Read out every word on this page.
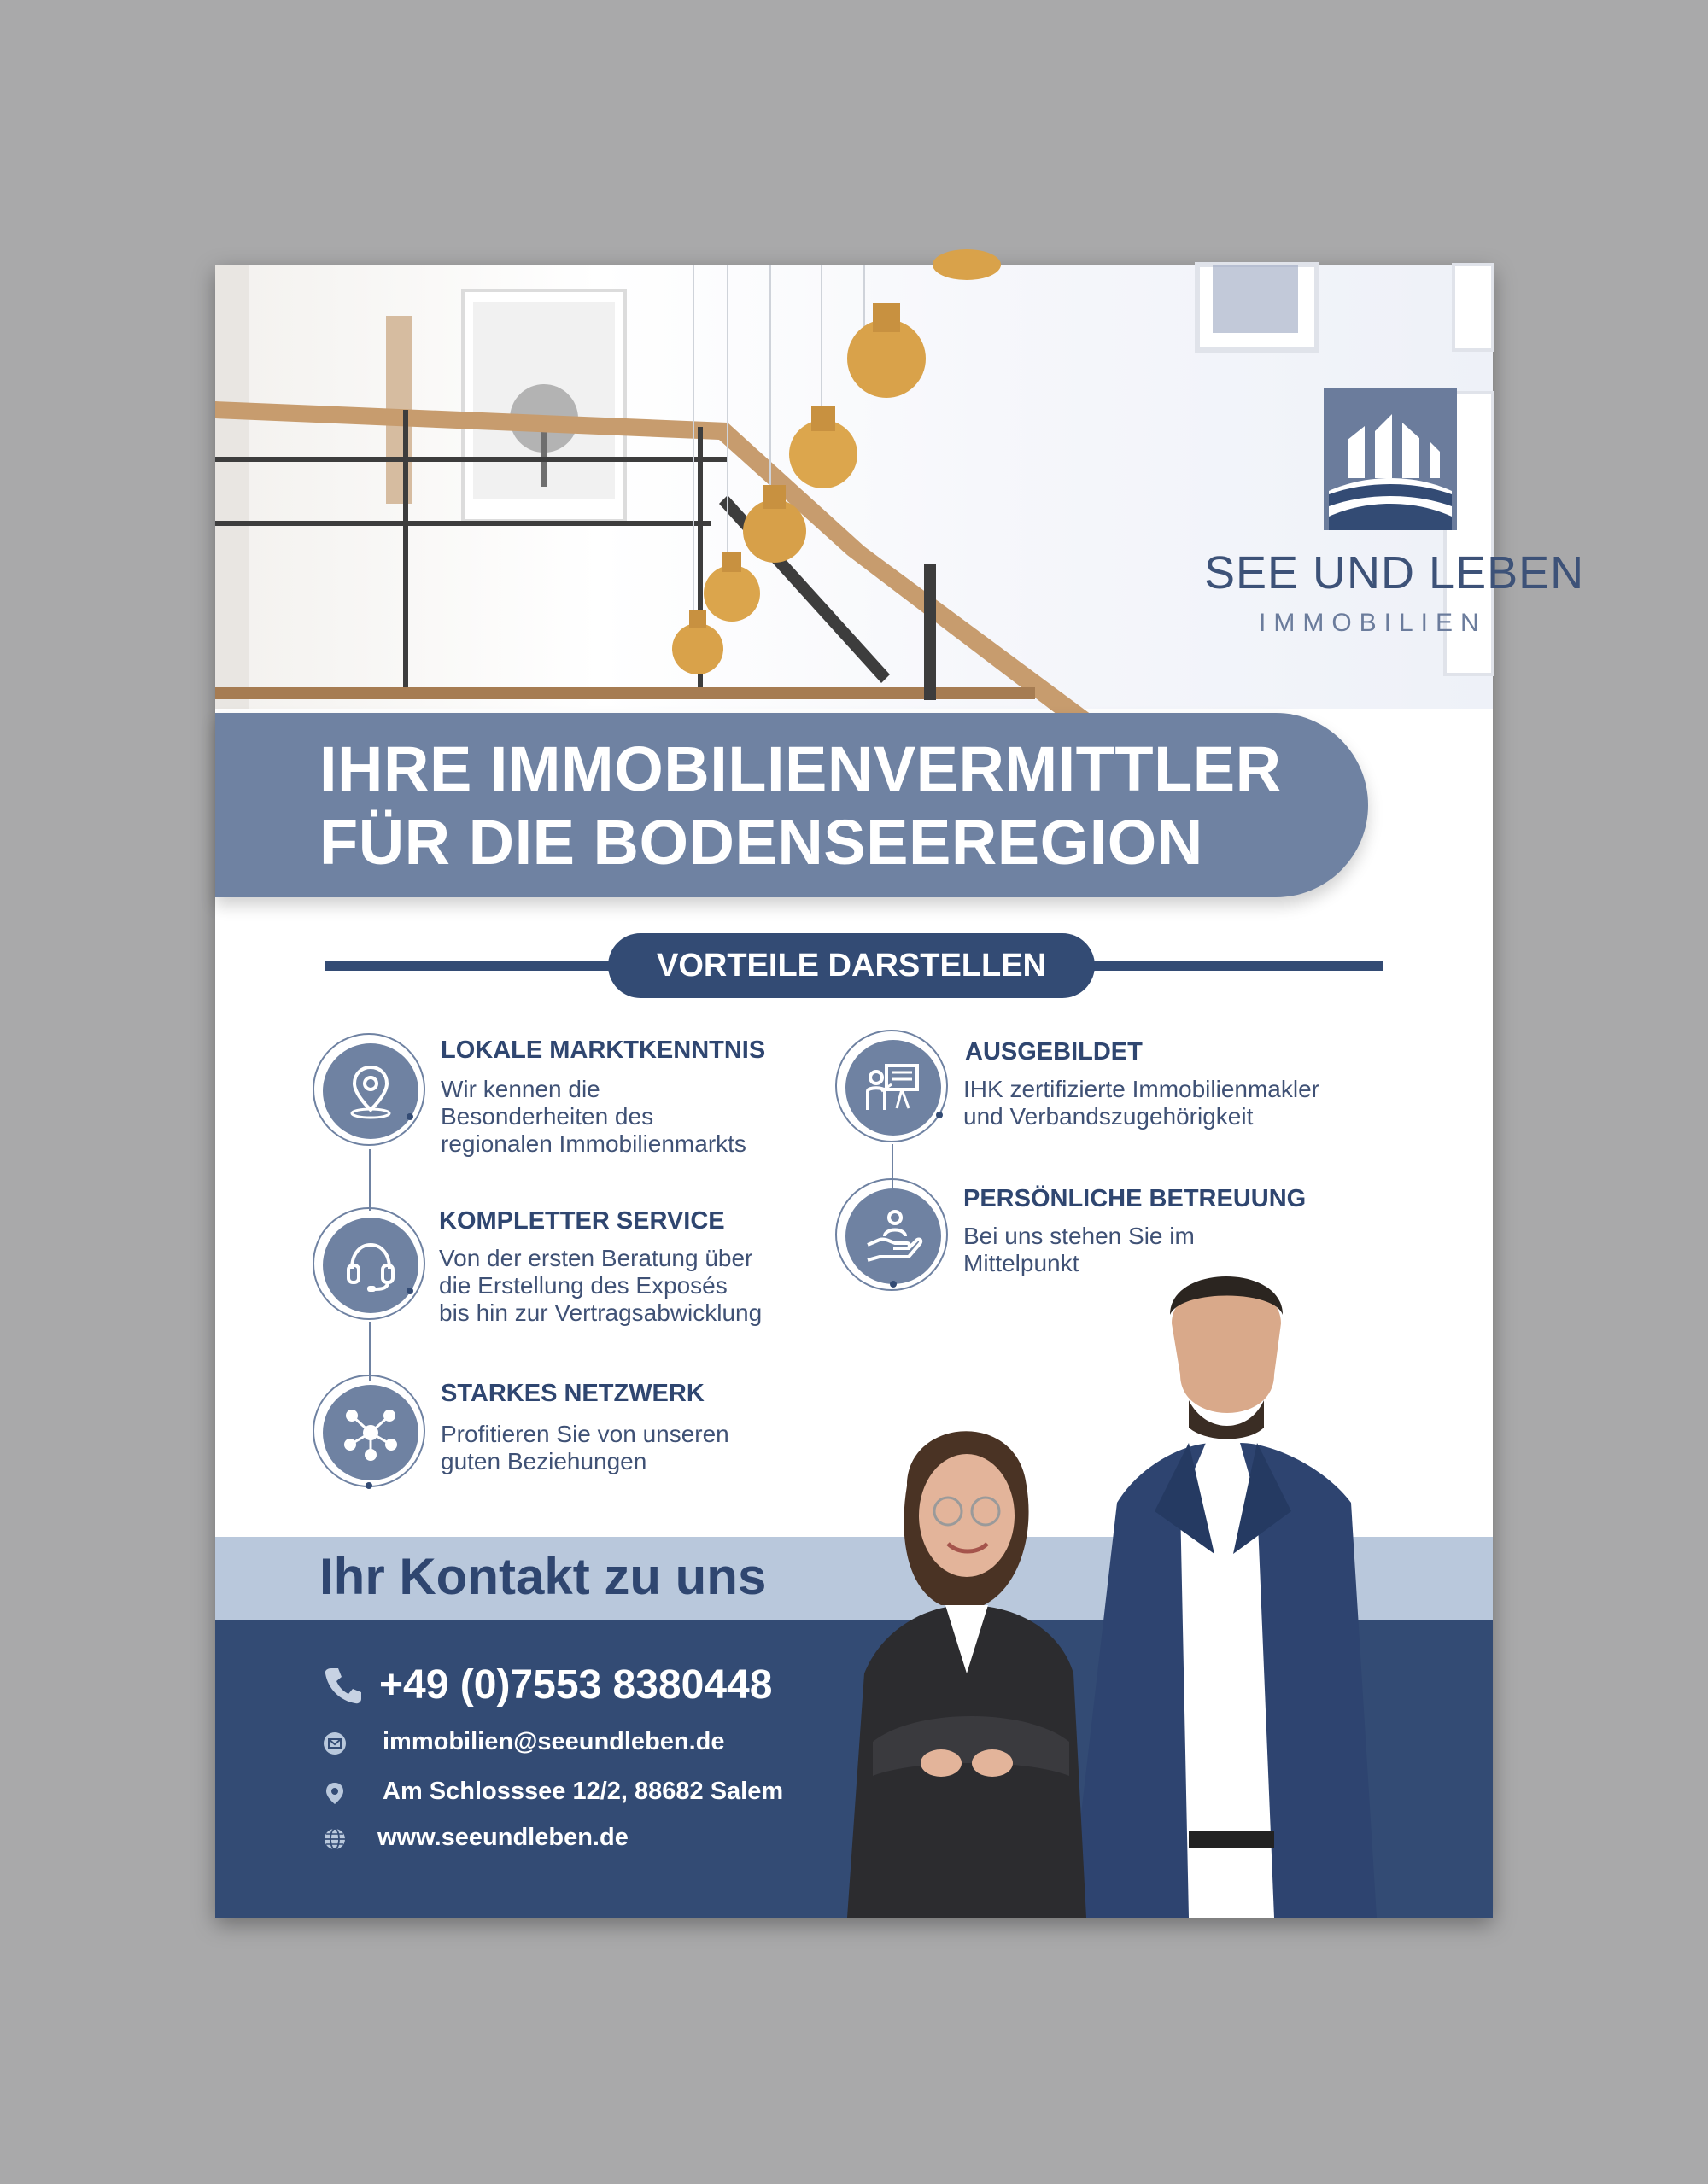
SEE UND LEBEN
IMMOBILIEN
IHRE IMMOBILIENVERMITTLER
FÜR DIE BODENSEEREGION
VORTEILE DARSTELLEN
LOKALE MARKTKENNTNIS
Wir kennen die
Besonderheiten des
regionalen Immobilienmarkts
KOMPLETTER SERVICE
Von der ersten Beratung über
die Erstellung des Exposés
bis hin zur Vertragsabwicklung
STARKES NETZWERK
Profitieren Sie von unseren
guten Beziehungen
AUSGEBILDET
IHK zertifizierte Immobilienmakler
und Verbandszugehörigkeit
PERSÖNLICHE BETREUUNG
Bei uns stehen Sie im
Mittelpunkt
Ihr Kontakt zu uns
+49 (0)7553 8380448
immobilien@seeundleben.de
Am Schlosssee 12/2, 88682 Salem
www.seeundleben.de
